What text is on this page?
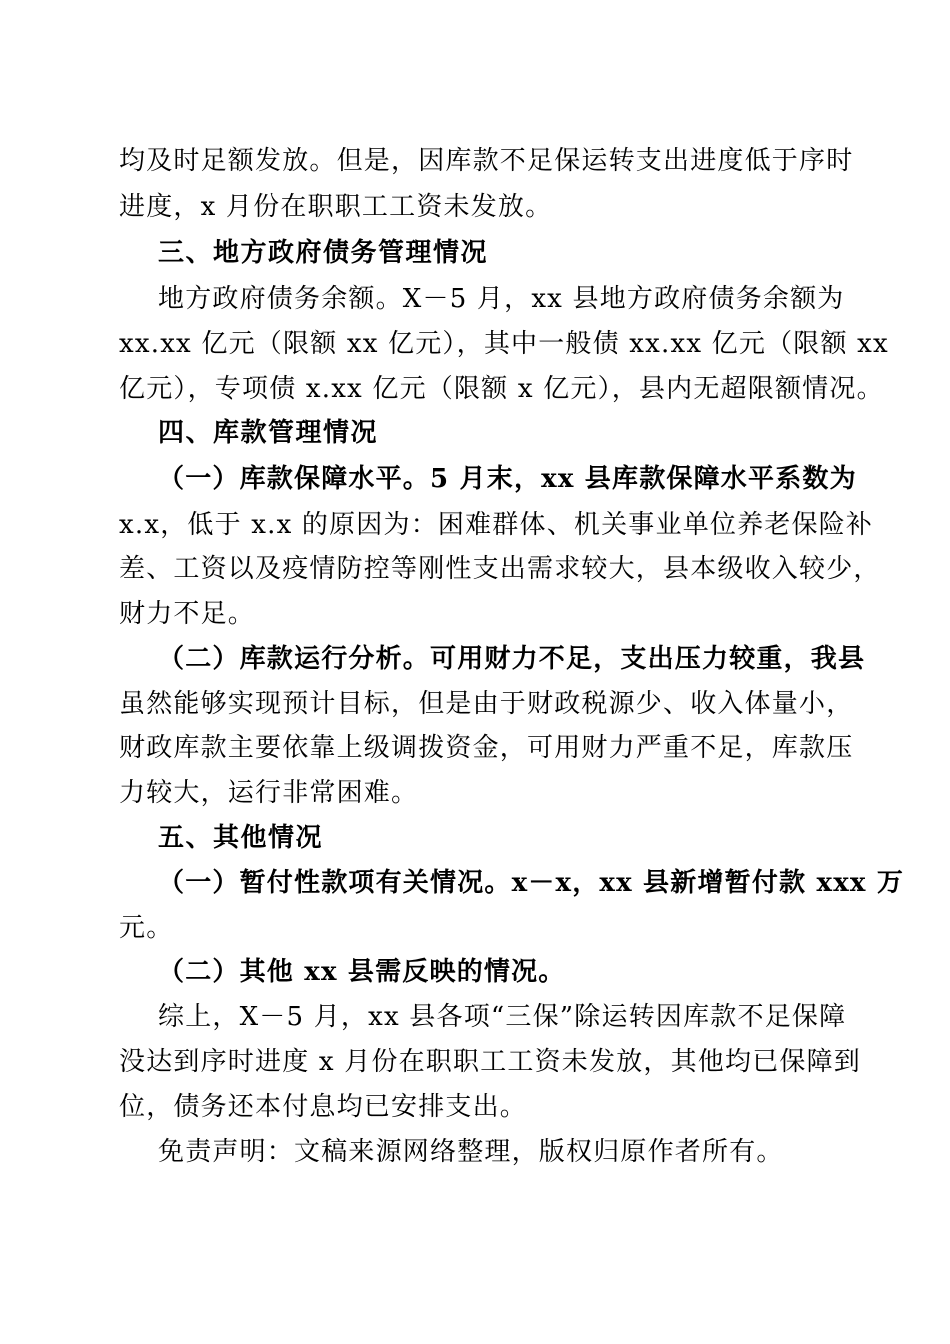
均及时足额发放。但是，因库款不足保运转支出进度低于序时
进度，x 月份在职职工工资未发放。
三、地方政府债务管理情况
地方政府债务余额。X－5 月，xx 县地方政府债务余额为
xx.xx 亿元（限额 xx 亿元），其中一般债 xx.xx 亿元（限额 xx
亿元），专项债 x.xx 亿元（限额 x 亿元），县内无超限额情况。
四、库款管理情况
（一）库款保障水平。5 月末，xx 县库款保障水平系数为
x.x，低于 x.x 的原因为：困难群体、机关事业单位养老保险补
差、工资以及疫情防控等刚性支出需求较大，县本级收入较少，
财力不足。
（二）库款运行分析。可用财力不足，支出压力较重，我县
虽然能够实现预计目标，但是由于财政税源少、收入体量小，
财政库款主要依靠上级调拨资金，可用财力严重不足，库款压
力较大，运行非常困难。
五、其他情况
（一）暂付性款项有关情况。x－x，xx 县新增暂付款 xxx 万
元。
（二）其他 xx 县需反映的情况。
综上，X－5 月，xx 县各项“三保”除运转因库款不足保障
没达到序时进度 x 月份在职职工工资未发放，其他均已保障到
位，债务还本付息均已安排支出。
免责声明：文稿来源网络整理，版权归原作者所有。
